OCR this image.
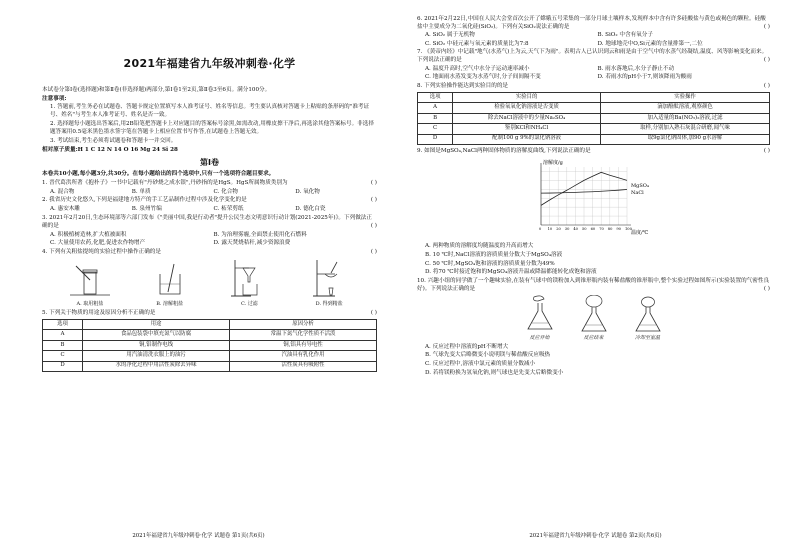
2021年福建省九年级冲刺卷·化学

本试卷分第Ⅰ卷(选择题)和第Ⅱ卷(非选择题)两部分,第Ⅰ卷1至2页,第Ⅱ卷3至6页。满分100分。

注意事项:

1. 答题前,考生务必在试题卷、答题卡规定位置填写本人准考证号、姓名等信息。考生要认真核对答题卡上粘贴的条形码的"准考证号、姓名"与考生本人准考证号、姓名是否一致。

2. 选择题每小题选出答案后,用2B铅笔把答题卡上对应题目的答案标号涂黑,如需改动,用橡皮擦干净后,再选涂其他答案标号。非选择题答案用0.5毫米黑色墨水签字笔在答题卡上相应位置书写作答,在试题卷上答题无效。

3. 考试结束,考生必须将试题卷和答题卡一并交回。

相对原子质量:H 1 C 12 N 14 O 16 Mg 24 Si 28

第Ⅰ卷

本卷共10小题,每小题3分,共30分。在每小题给出的四个选项中,只有一个选项符合题目要求。

1. 晋代葛洪所著《抱朴子》一书中记载有"丹砂烧之成水银",丹砂指的是HgS。HgS所属物质类别为	( )

A. 混合物	B. 单质	C. 化合物	D. 氧化物

2. 我省历史文化悠久,下列是福建地方特产的手工艺品制作过程中涉及化学变化的是	( )

A. 惠安木雕	B. 泉州竹编	C. 柘荣剪纸	D. 德化白瓷

3. 2021年2月20日,生态环境部等六部门发布《"美丽中国,我是行动者"提升公民生态文明意识行动计划(2021-2025年)》。下列做法正确的是	( )

A. 积极植树造林,扩大植被面积	B. 为治理雾霾,全面禁止使用化石燃料
C. 大量使用农药,化肥,促进农作物增产	D. 露天焚烧秸秆,减少资源浪费

4. 下列有关粗盐提纯的实验过程中操作正确的是	( )

A. 取用粗盐	B. 溶解粗盐	C. 过滤	D. 得到精盐

5. 下列关于物质的用途及原因分析不正确的是	( )

选项	用途	原因分析
A	食品包装袋中填充氮气以防腐	常温下氮气化学性质不活泼
B	铜,铝制作电线	铜,铝具有导电性
C	用汽油清洗衣服上的油污	汽油具有乳化作用
D	水的净化过程中用活性炭除去异味	活性炭具有吸附性
2021年福建省九年级冲刺卷·化学 试题卷 第1页(共6页)

6. 2021年2月22日,中国在人民大会堂首次公开了嫦娥五号采集的一部分月球土壤样本,发现样本中含有许多硅酸盐与黄色或褐色的颗粒。硅酸盐中主要成分为二氧化硅(SiO₂)。下列有关SiO₂说法正确的是	( )

A. SiO₂ 属于无机物	B. SiO₂ 中含有氧分子
C. SiO₂ 中硅元素与氧元素的质量比为7:8	D. 地球地壳中O,Si元素的含量排第一,二位

7. 《黄帝内经》中记载"地气(水蒸气)上为云,天气下为雨"。表明古人已认识到云和雨是由于空气中的水蒸气经凝结,温度、风等影响变化而来。下列说法正确的是	( )

A. 温度升高时,空气中水分子运动速率减小	B. 雨水落地后,水分子静止不动
C. 地面雨水蒸发变为水蒸气时,分子间间隔不变	D. 若雨水的pH小于7,则该降雨为酸雨

8. 下列实验操作能达到实验目的的是	( )

选项	实验目的	实验操作
A	检验氧氧化钠溶液是否变质	滴加酚酞溶液,观察颜色
B	除去NaCl溶液中的少量Na₂SO₄	加入适量的Ba(NO₃)₂溶液,过滤
C	鉴别KCl和NH₄Cl	取样,分别加入熟石灰混合研磨,闻气味
D	配制100 g 9%的氯化钠溶液	取9g氯化钠固体,加90 g水溶解

9. 如图是MgSO₄,NaCl两种固体物质的溶解度曲线,下列说法正确的是	( )

溶解度/g
温度/℃
0 10 20 30 40 50 60 70 80 90 100
MgSO₄
NaCl

A. 两种物质的溶解度均随温度的升高而增大

B. 10 ℃时,NaCl溶液的溶质质量分数大于MgSO₄溶液

C. 50 ℃时,MgSO₄饱和溶液的溶质质量分数为49%

D. 将70 ℃时接近饱和的MgSO₄溶液升温或降温都能转化成饱和溶液

10. 兴趣小组的同学做了一个趣味实验,在装有气球中的镁粉加入到锥形瓶内装有稀盐酸的锥形瓶中,整个实验过程如图所示(实验装置的气密性良好)。下列说法正确的是	( )

反应开始	反应结束	冷却至室温

A. 反应过程中溶液的pH不断增大

B. 气球先变大后略微变小说明镁与稀盐酸反应吸热

C. 反应过程中,溶液中氯元素的质量分数减小

D. 若将镁粉换为氢氧化钠,则气球也是先变大后略微变小

2021年福建省九年级冲刺卷·化学 试题卷 第2页(共6页)
